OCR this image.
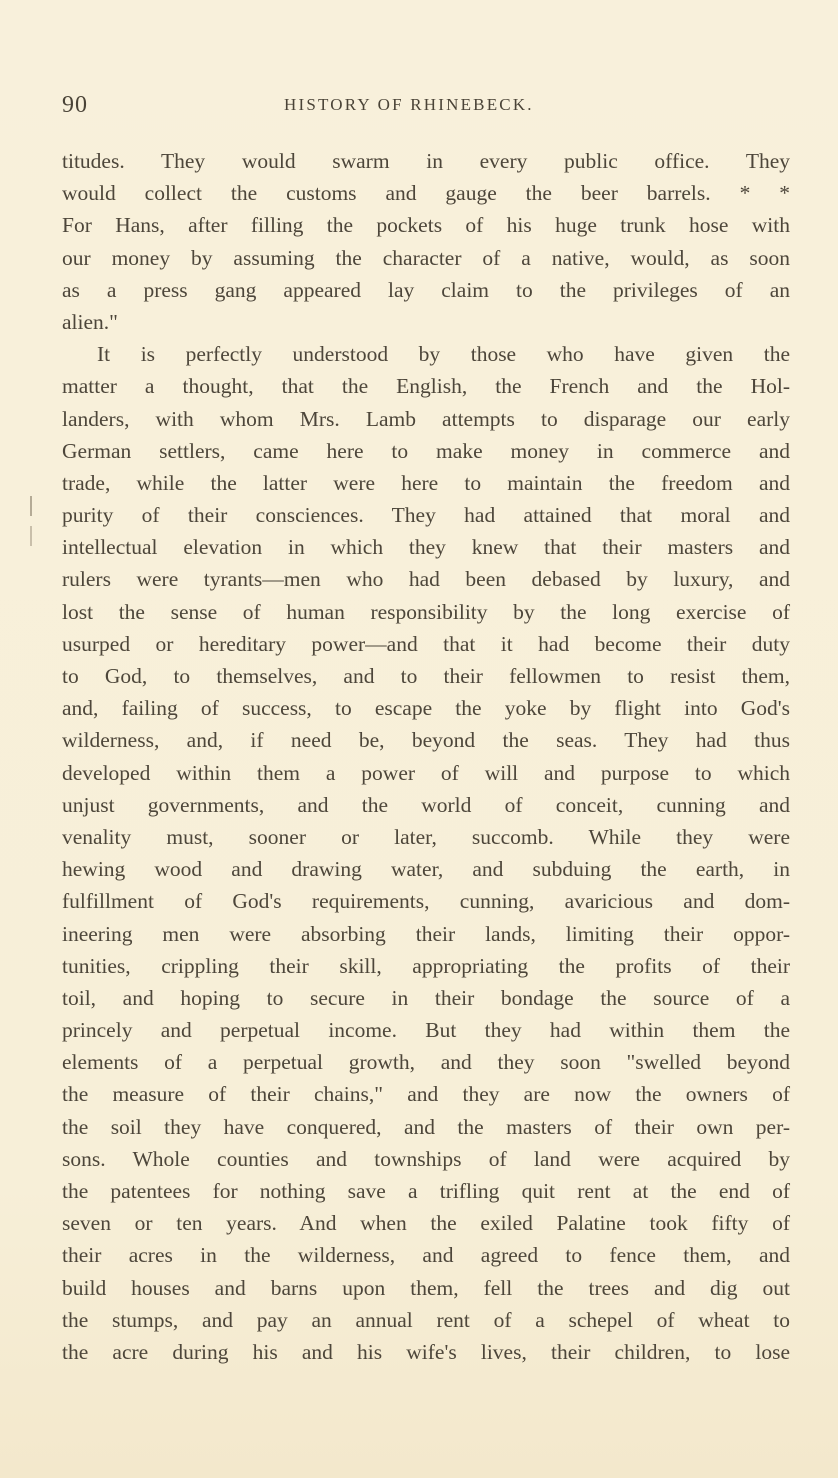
90	HISTORY OF RHINEBECK.
titudes. They would swarm in every public office. They
would collect the customs and gauge the beer barrels. * *
For Hans, after filling the pockets of his huge trunk hose with
our money by assuming the character of a native, would, as soon
as a press gang appeared lay claim to the privileges of an
alien."
It is perfectly understood by those who have given the
matter a thought, that the English, the French and the Hol-
landers, with whom Mrs. Lamb attempts to disparage our early
German settlers, came here to make money in commerce and
trade, while the latter were here to maintain the freedom and
purity of their consciences. They had attained that moral and
intellectual elevation in which they knew that their masters and
rulers were tyrants—men who had been debased by luxury, and
lost the sense of human responsibility by the long exercise of
usurped or hereditary power—and that it had become their duty
to God, to themselves, and to their fellowmen to resist them,
and, failing of success, to escape the yoke by flight into God's
wilderness, and, if need be, beyond the seas. They had thus
developed within them a power of will and purpose to which
unjust governments, and the world of conceit, cunning and
venality must, sooner or later, succomb. While they were
hewing wood and drawing water, and subduing the earth, in
fulfillment of God's requirements, cunning, avaricious and dom-
ineering men were absorbing their lands, limiting their oppor-
tunities, crippling their skill, appropriating the profits of their
toil, and hoping to secure in their bondage the source of a
princely and perpetual income. But they had within them the
elements of a perpetual growth, and they soon "swelled beyond
the measure of their chains," and they are now the owners of
the soil they have conquered, and the masters of their own per-
sons. Whole counties and townships of land were acquired by
the patentees for nothing save a trifling quit rent at the end of
seven or ten years. And when the exiled Palatine took fifty of
their acres in the wilderness, and agreed to fence them, and
build houses and barns upon them, fell the trees and dig out
the stumps, and pay an annual rent of a schepel of wheat to
the acre during his and his wife's lives, their children, to lose
